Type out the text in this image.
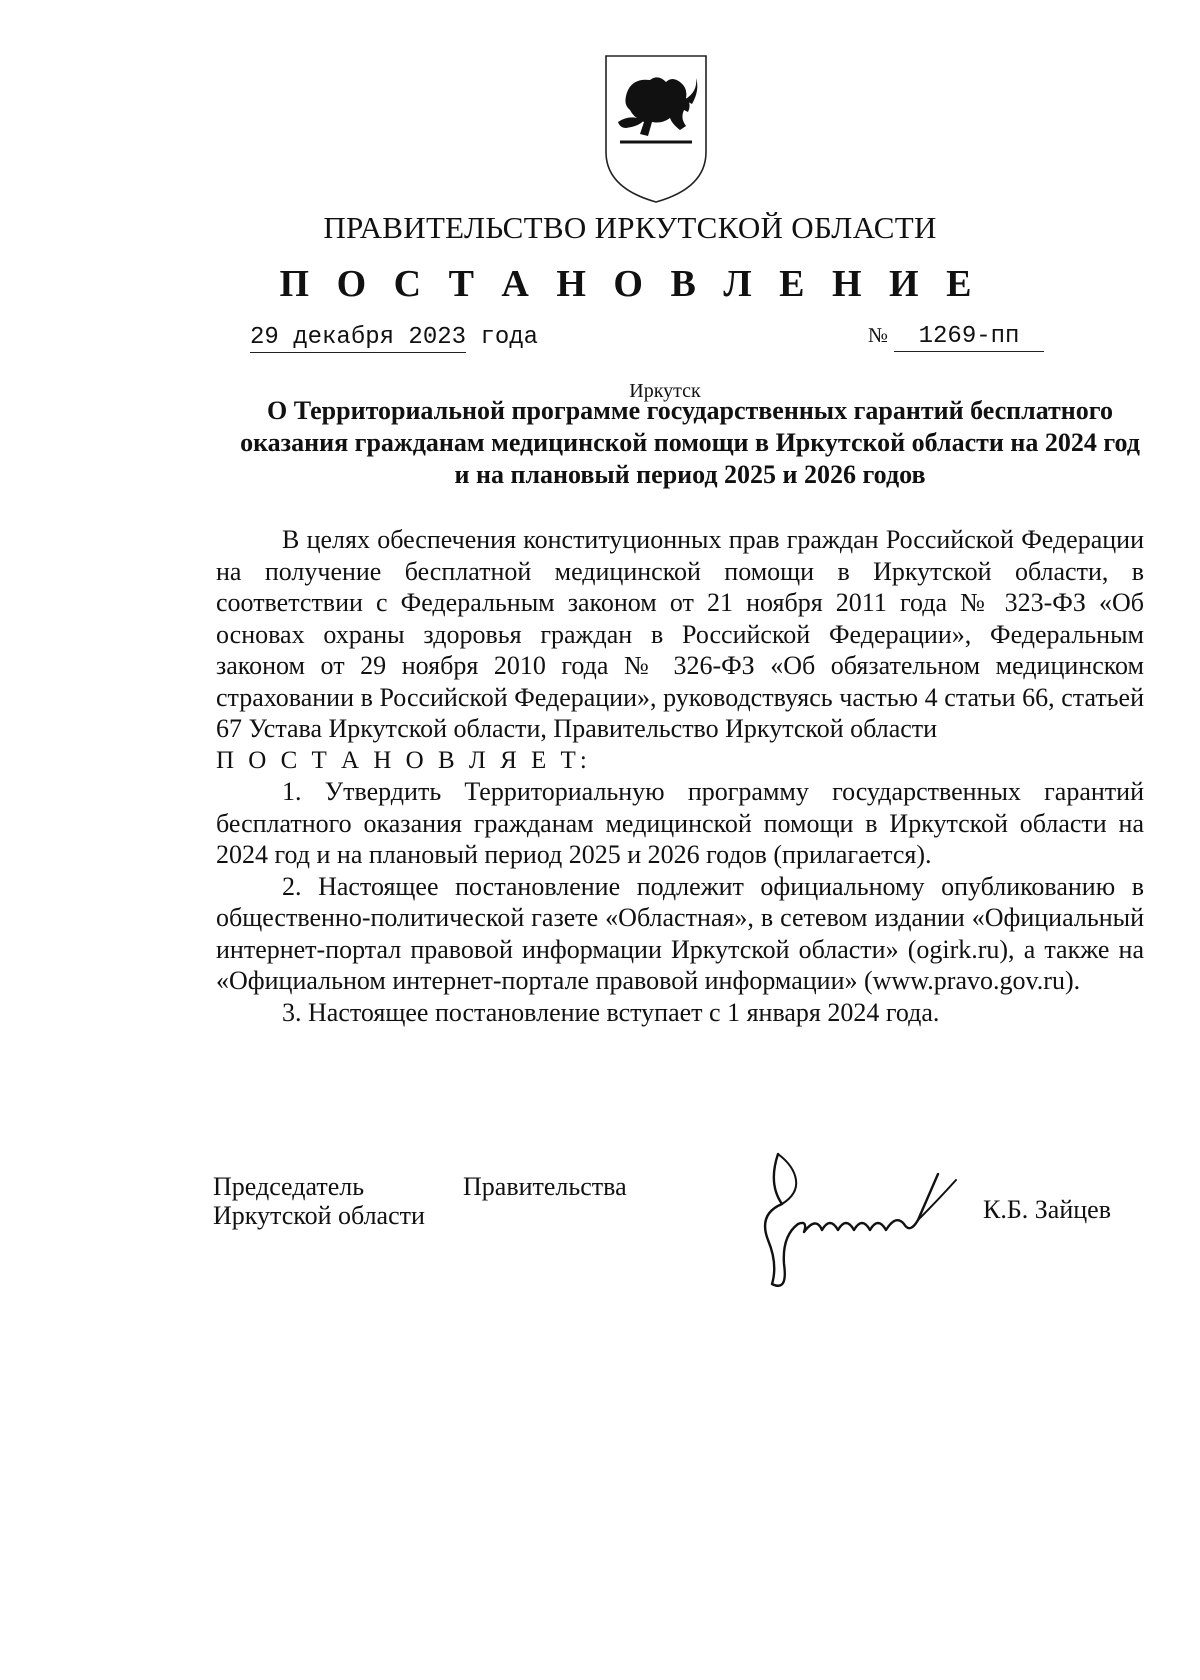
ПРАВИТЕЛЬСТВО ИРКУТСКОЙ ОБЛАСТИ
П О С Т А Н О В Л Е Н И Е
29 декабря 2023 года	№ 1269-пп
Иркутск
О Территориальной программе государственных гарантий бесплатного оказания гражданам медицинской помощи в Иркутской области на 2024 год и на плановый период 2025 и 2026 годов

В целях обеспечения конституционных прав граждан Российской Федерации на получение бесплатной медицинской помощи в Иркутской области, в соответствии с Федеральным законом от 21 ноября 2011 года № 323-ФЗ «Об основах охраны здоровья граждан в Российской Федерации», Федеральным законом от 29 ноября 2010 года № 326-ФЗ «Об обязательном медицинском страховании в Российской Федерации», руководствуясь частью 4 статьи 66, статьей 67 Устава Иркутской области, Правительство Иркутской области

П О С Т А Н О В Л Я Е Т:

1. Утвердить Территориальную программу государственных гарантий бесплатного оказания гражданам медицинской помощи в Иркутской области на 2024 год и на плановый период 2025 и 2026 годов (прилагается).

2. Настоящее постановление подлежит официальному опубликованию в общественно-политической газете «Областная», в сетевом издании «Официальный интернет-портал правовой информации Иркутской области» (ogirk.ru), а также на «Официальном интернет-портале правовой информации» (www.pravo.gov.ru).

3. Настоящее постановление вступает с 1 января 2024 года.

Председатель	Правительства
Иркутской области	К.Б. Зайцев
